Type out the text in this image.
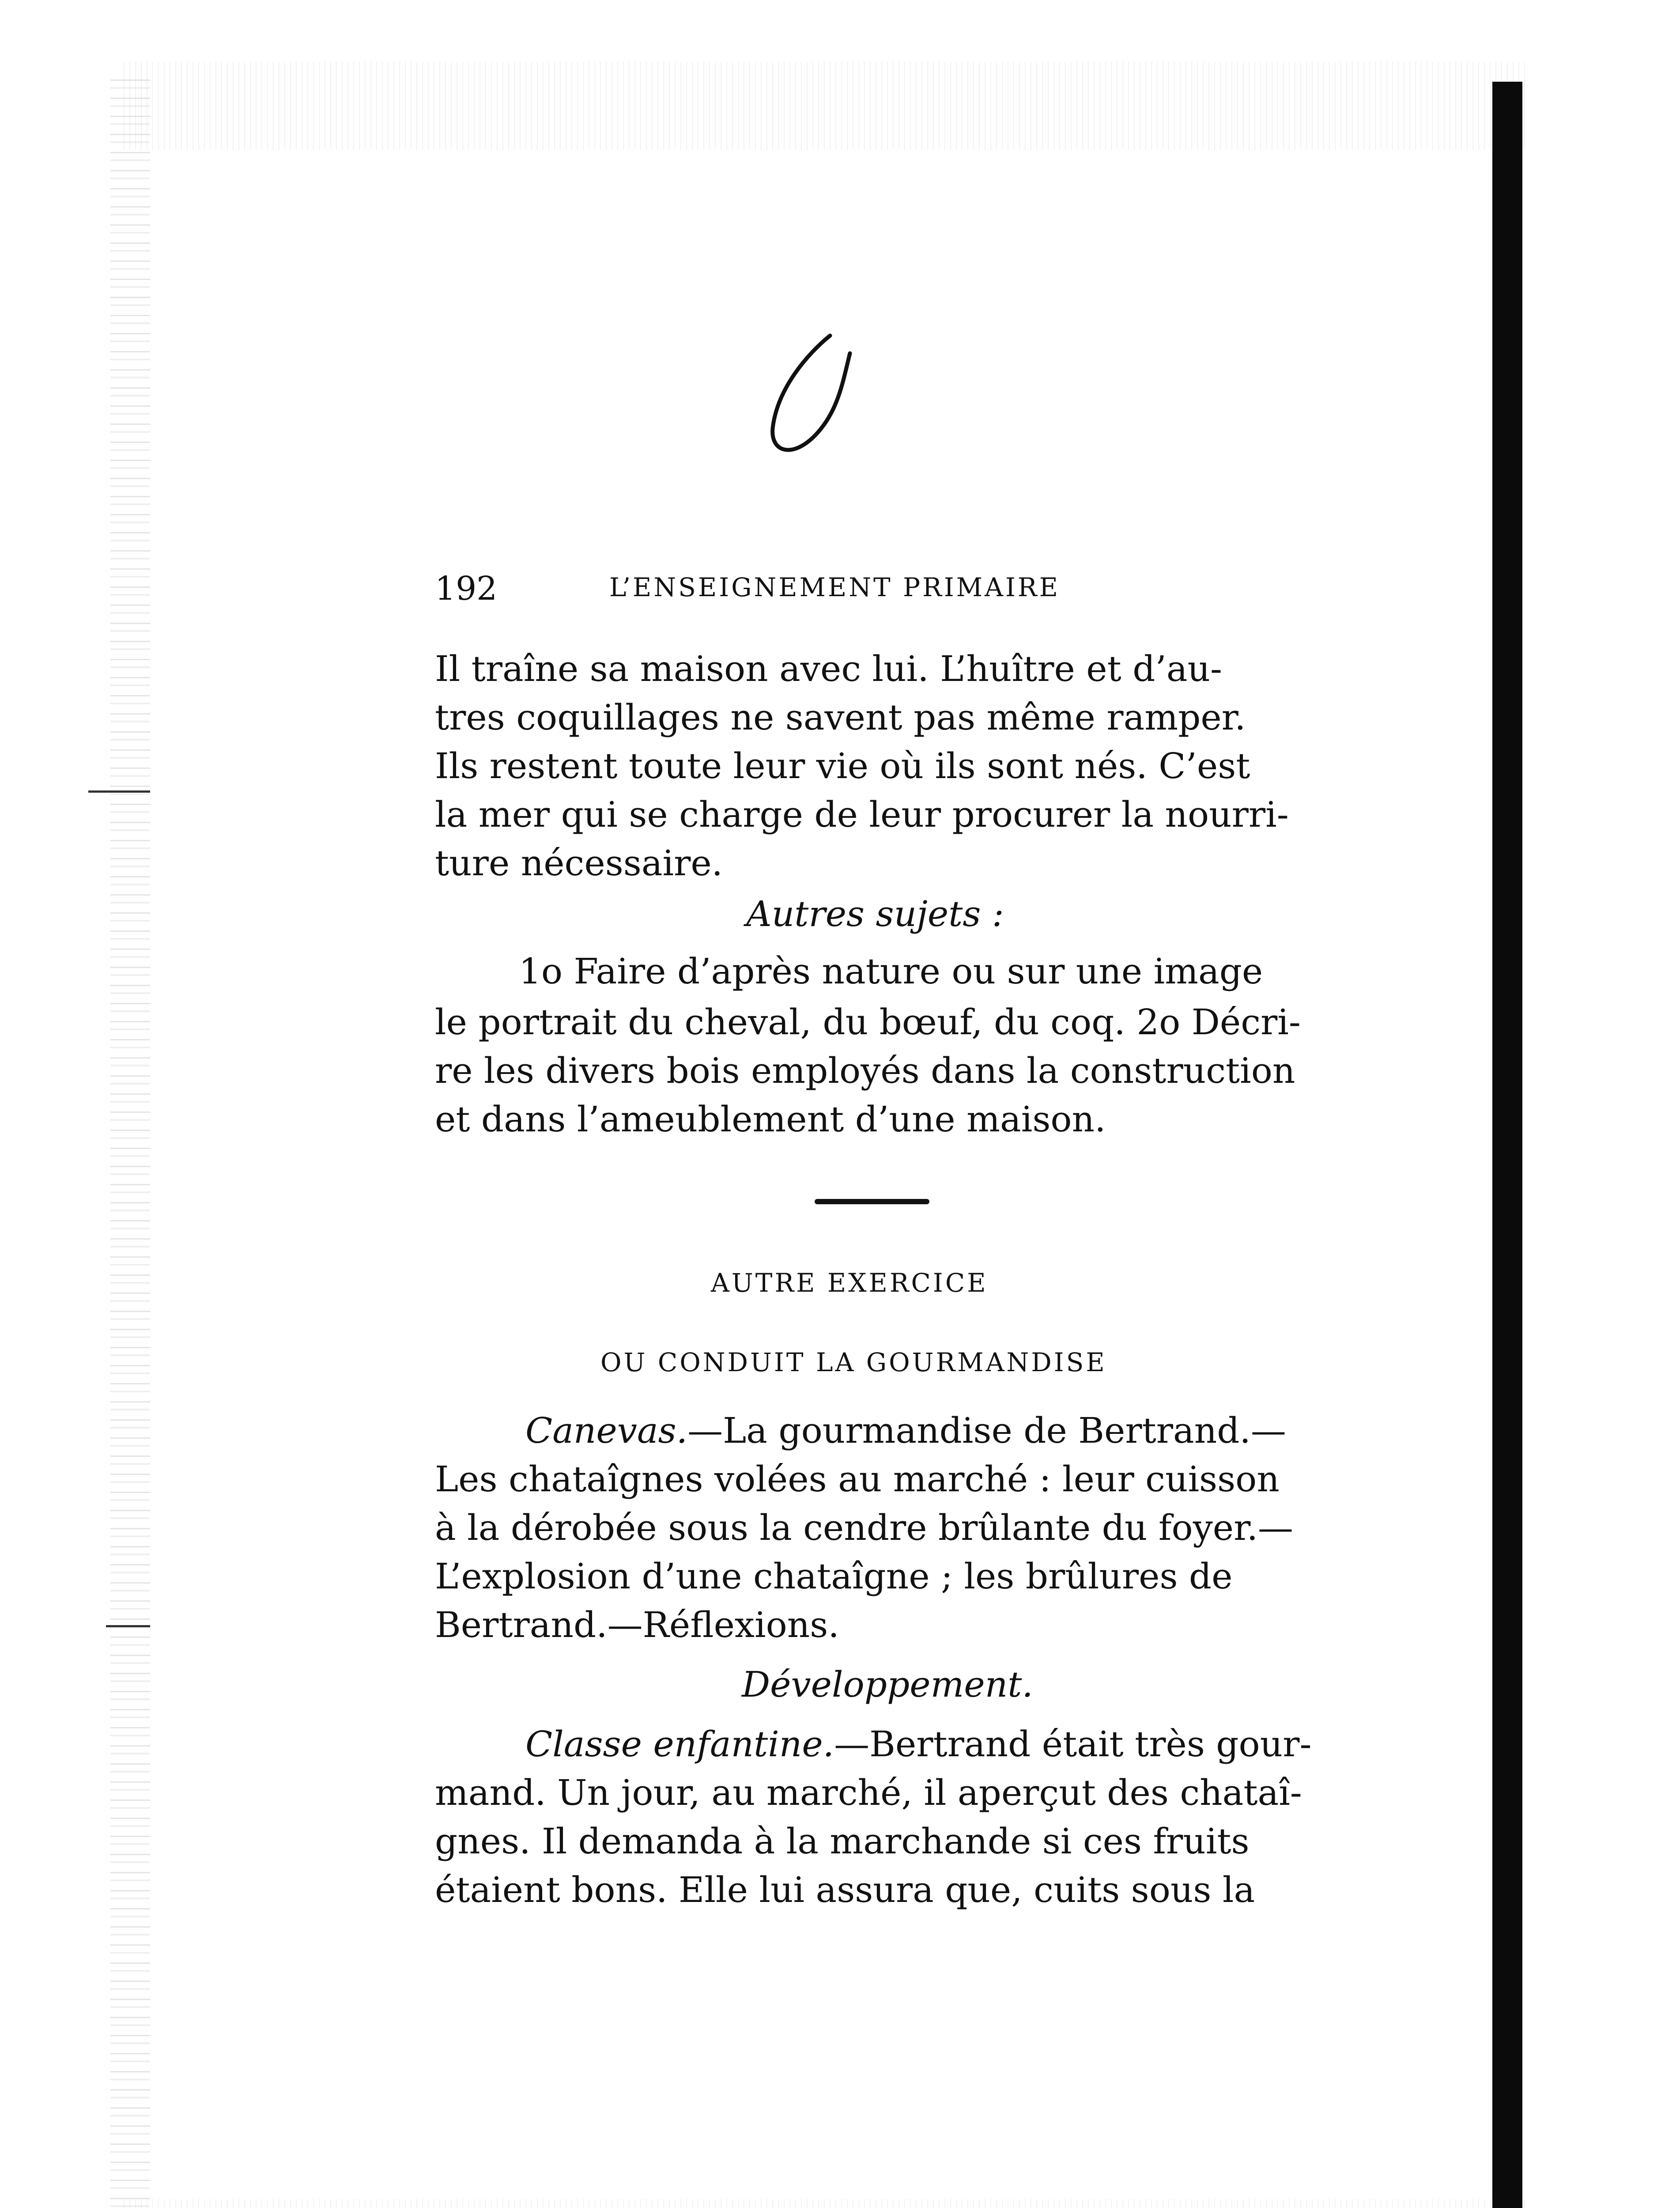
192	L’ENSEIGNEMENT PRIMAIRE
Il traîne sa maison avec lui. L’huître et d’au-
tres coquillages ne savent pas même ramper.
Ils restent toute leur vie où ils sont nés. C’est
la mer qui se charge de leur procurer la nourri-
ture nécessaire.
Autres sujets :
1o Faire d’après nature ou sur une image
le portrait du cheval, du bœuf, du coq. 2o Décri-
re les divers bois employés dans la construction
et dans l’ameublement d’une maison.
AUTRE EXERCICE
OU CONDUIT LA GOURMANDISE
Canevas.—La gourmandise de Bertrand.—
Les chataîgnes volées au marché : leur cuisson
à la dérobée sous la cendre brûlante du foyer.—
L’explosion d’une chataîgne ; les brûlures de
Bertrand.—Réflexions.
Développement.
Classe enfantine.—Bertrand était très gour-
mand. Un jour, au marché, il aperçut des chataî-
gnes. Il demanda à la marchande si ces fruits
étaient bons. Elle lui assura que, cuits sous la
